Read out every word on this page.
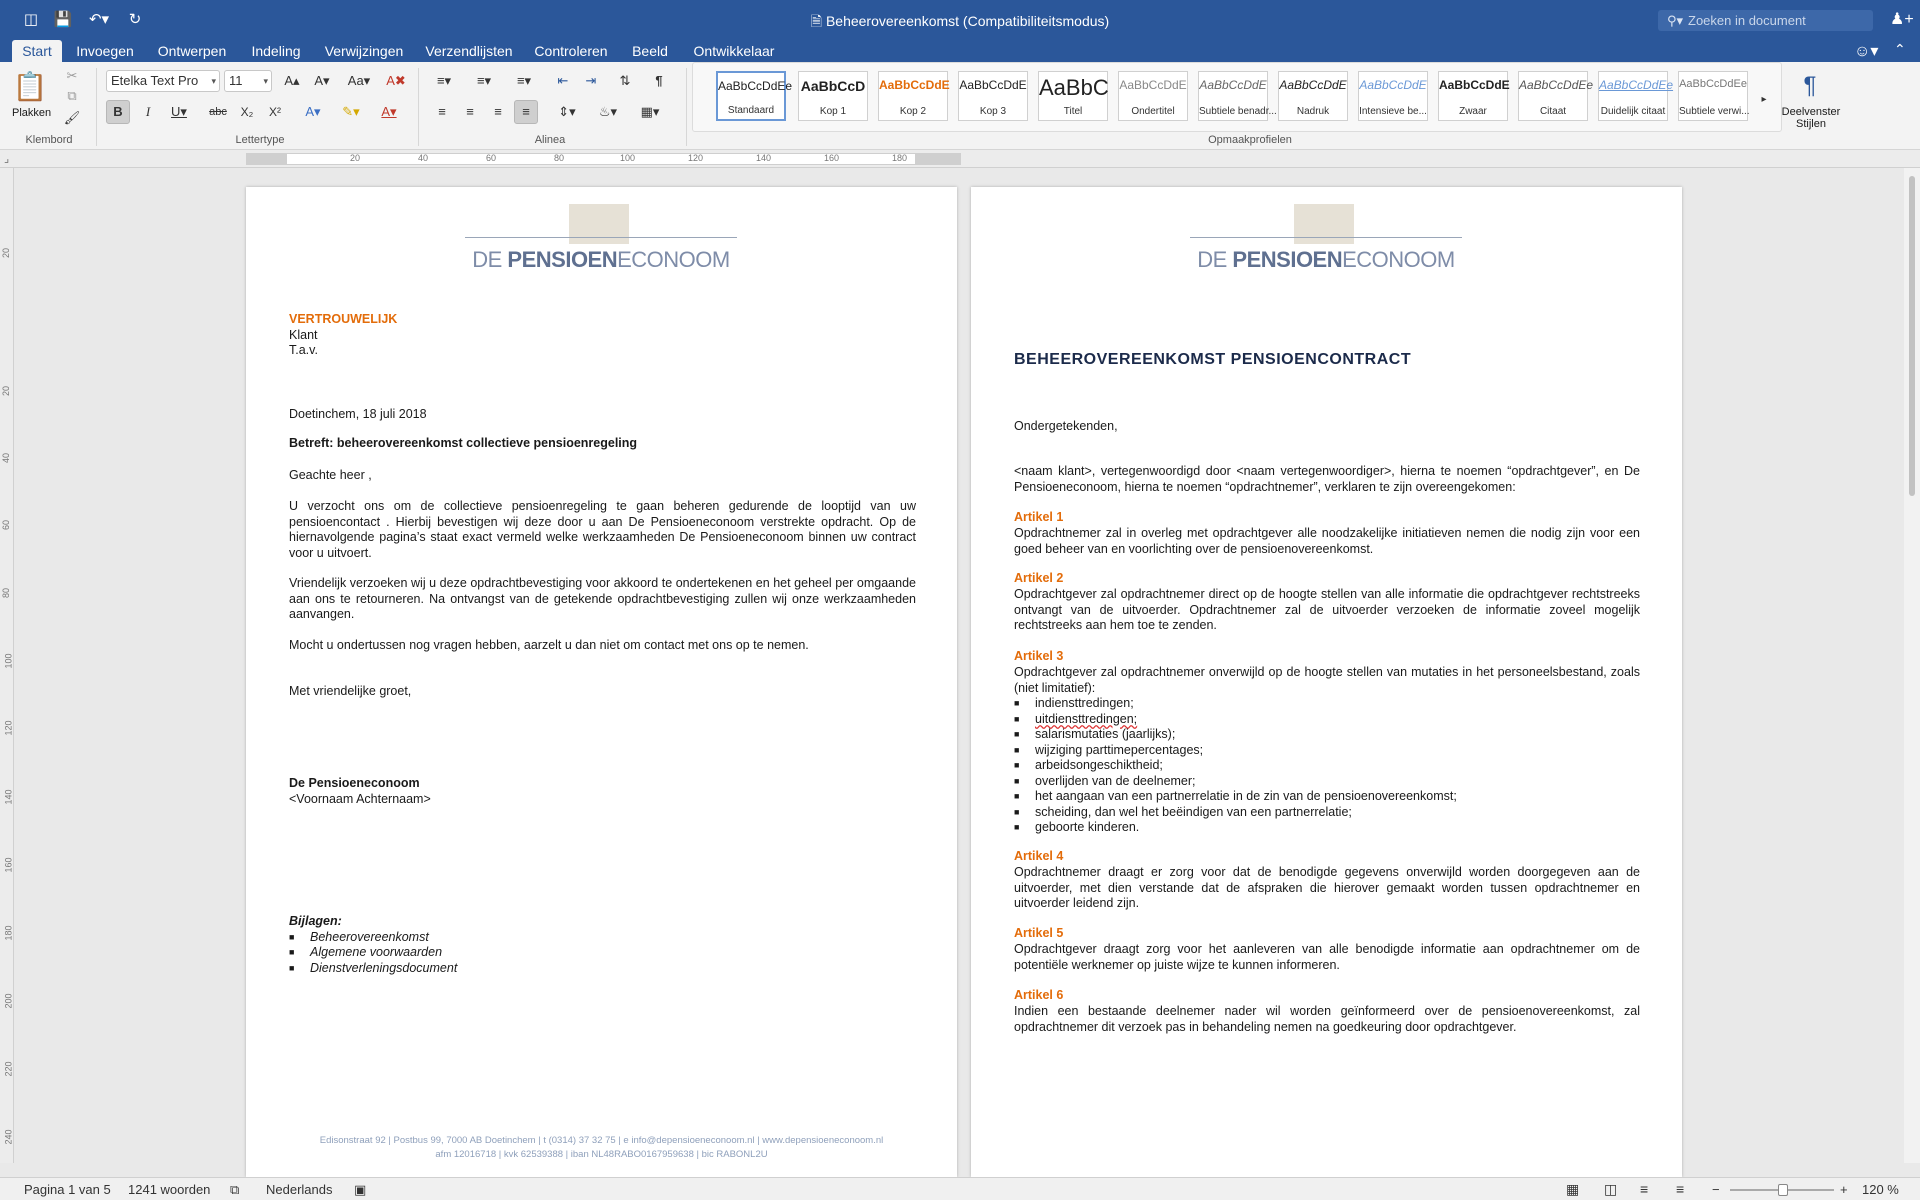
◫ 💾	↶▾	↻	🗎 Beheerovereenkomst (Compatibiliteitsmodus)	⚲▾ Zoeken in document	♟+
Start	Invoegen Ontwerpen Indeling Verwijzingen Verzendlijsten Controleren	Beeld	Ontwikkelaar	☺▾ ⌃
📋
Plakken
✂
⧉
🖌
Klembord
Etelka Text Pro ▾	11 ▾	A▴	A▾	Aa▾	A✖
B	I	U▾	abc	X₂	X²	A▾	✎▾	A▾
Lettertype
≡▾	≡▾	≡▾	⇤	⇥	⇅	¶
≡	≡	≡	≡	⇕▾	♨▾	▦▾
Alinea
AaBbCcDdEe
Standaard
AaBbCcD
Kop 1
AaBbCcDdE
Kop 2
AaBbCcDdE
Kop 3
AaBbC
Titel
AaBbCcDdE
Ondertitel
AaBbCcDdE
Subtiele benadr...
AaBbCcDdE
Nadruk
AaBbCcDdE
Intensieve be...
AaBbCcDdE
Zwaar
AaBbCcDdEe
Citaat
AaBbCcDdEe
Duidelijk citaat
AaBbCcDdEe
Subtiele verwi...
▸
Opmaakprofielen
¶
Deelvenster
Stijlen
⌟	20	40	60	80	100	120	140	160	180
20
20
40
60
80
100
120
140
160
180
200
220
240
DE PENSIOENECONOOM
VERTROUWELIJK
Klant
T.a.v.
Doetinchem, 18 juli 2018
Betreft: beheerovereenkomst collectieve pensioenregeling
Geachte heer ,
U verzocht ons om de collectieve pensioenregeling te gaan beheren gedurende de looptijd van uw pensioencontact . Hierbij bevestigen wij deze door u aan De Pensioeneconoom verstrekte opdracht. Op de hiernavolgende pagina’s staat exact vermeld welke werkzaamheden De Pensioeneconoom binnen uw contract voor u uitvoert.
Vriendelijk verzoeken wij u deze opdrachtbevestiging voor akkoord te ondertekenen en het geheel per omgaande aan ons te retourneren. Na ontvangst van de getekende opdrachtbevestiging zullen wij onze werkzaamheden aanvangen.
Mocht u ondertussen nog vragen hebben, aarzelt u dan niet om contact met ons op te nemen.
Met vriendelijke groet,
De Pensioeneconoom
<Voornaam Achternaam>
Bijlagen:
■ Beheerovereenkomst
■ Algemene voorwaarden
■ Dienstverleningsdocument
Edisonstraat 92 | Postbus 99, 7000 AB Doetinchem | t (0314) 37 32 75 | e info@depensioeneconoom.nl | www.depensioeneconoom.nl
afm 12016718 | kvk 62539388 | iban NL48RABO0167959638 | bic RABONL2U
DE PENSIOENECONOOM
BEHEEROVEREENKOMST PENSIOENCONTRACT
Ondergetekenden,
<naam klant>, vertegenwoordigd door <naam vertegenwoordiger>, hierna te noemen “opdrachtgever”, en De Pensioeneconoom, hierna te noemen “opdrachtnemer”, verklaren te zijn overeengekomen:
Artikel 1
Opdrachtnemer zal in overleg met opdrachtgever alle noodzakelijke initiatieven nemen die nodig zijn voor een goed beheer van en voorlichting over de pensioenovereenkomst.
Artikel 2
Opdrachtgever zal opdrachtnemer direct op de hoogte stellen van alle informatie die opdrachtgever rechtstreeks ontvangt van de uitvoerder. Opdrachtnemer zal de uitvoerder verzoeken de informatie zoveel mogelijk rechtstreeks aan hem toe te zenden.
Artikel 3
Opdrachtgever zal opdrachtnemer onverwijld op de hoogte stellen van mutaties in het personeelsbestand, zoals (niet limitatief):
■ indiensttredingen;
■ uitdiensttredingen;
■ salarismutaties (jaarlijks);
■ wijziging parttimepercentages;
■ arbeidsongeschiktheid;
■ overlijden van de deelnemer;
■ het aangaan van een partnerrelatie in de zin van de pensioenovereenkomst;
■ scheiding, dan wel het beëindigen van een partnerrelatie;
■ geboorte kinderen.
Artikel 4
Opdrachtnemer draagt er zorg voor dat de benodigde gegevens onverwijld worden doorgegeven aan de uitvoerder, met dien verstande dat de afspraken die hierover gemaakt worden tussen opdrachtnemer en uitvoerder leidend zijn.
Artikel 5
Opdrachtgever draagt zorg voor het aanleveren van alle benodigde informatie aan opdrachtnemer om de potentiële werknemer op juiste wijze te kunnen informeren.
Artikel 6
Indien een bestaande deelnemer nader wil worden geïnformeerd over de pensioenovereenkomst, zal opdrachtnemer dit verzoek pas in behandeling nemen na goedkeuring door opdrachtgever.
Pagina 1 van 5 1241 woorden ⧉ Nederlands ▣	▦ ◫ ≡ ≡ −	+ 120 %
